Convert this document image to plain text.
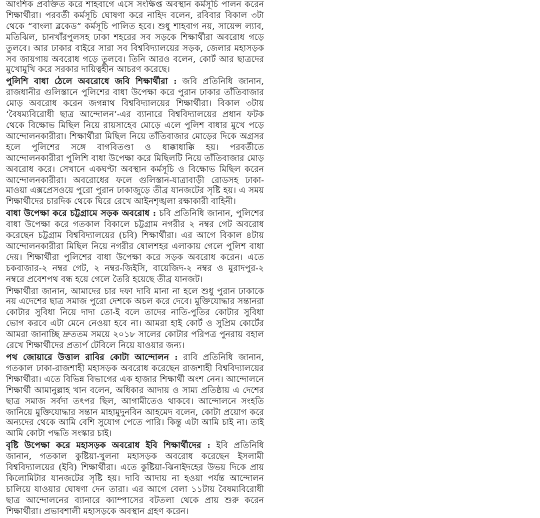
আংশিক প্রবক্তিত করে শাহবাগে এসে সংক্ষিপ্ত অবস্থান কর্মসূচি পালন করেন শিক্ষার্থীরা। পরবর্তী কর্মসূচি ঘোষণা করে নাহিদ বলেন, রবিবার বিকাল ৩টা থেকে “বাংলা ব্লকেড” কর্মসূচি পালিত হবে। শুধু শাহবাগ নয়, সায়েন্স ল্যাব, মতিঝিল, চানখাঁরপুলসহ ঢাকা শহরের সব সড়কে শিক্ষার্থীরা অবরোধ গড়ে তুলবে। আর ঢাকার বাইরে সারা সব বিশ্ববিদ্যালয়ের সড়ক, জেলার মহাসড়ক সব জায়গায় অবরোধ গড়ে তুলবে। তিনি আরও বলেন, কোর্ট আর ছাত্রদের মুখোমুখি করে সরকার দায়িত্বহীন আচরণ করেছে।

পুলিশি বাধা ঠেলে অবরোধে জবি শিক্ষার্থীরা : জবি প্রতিনিধি জানান, রাজধানীর গুলিস্তানে পুলিশের বাধা উপেক্ষা করে পুরান ঢাকার তাঁতিবাজার মোড় অবরোধ করেন জগন্নাথ বিশ্ববিদ্যালয়ের শিক্ষার্থীরা। বিকাল ৩টায় ‘বৈষম্যবিরোধী ছাত্র আন্দোলন’-এর ব্যানারে বিশ্ববিদ্যালয়ের প্রধান ফটক থেকে বিক্ষোভ মিছিল নিয়ে রায়সাহেব মোড়ে এলে পুলিশ বাধার মুখে পড়ে আন্দোলনকারীরা। শিক্ষার্থীরা মিছিল নিয়ে তাঁতিবাজার মোড়ের দিকে অগ্রসর হলে পুলিশের সঙ্গে বাগবিতণ্ডা ও ধাক্কাধাক্কি হয়। পরবর্তীতে আন্দোলনকারীরা পুলিশি বাধা উপেক্ষা করে মিছিলটি নিয়ে তাঁতিবাজার মোড় অবরোধ করে। সেখানে একঘণ্টা অবস্থান কর্মসূচি ও বিক্ষোভ মিছিল করেন আন্দোলনকারীরা। অবরোধের ফলে গুলিস্তান-যাত্রাবাড়ী রোডসহ ঢাকা-মাওয়া এক্সপ্রেসওয়ে পুরো পুরান ঢাকাজুড়ে তীব্র যানজটের সৃষ্টি হয়। এ সময় শিক্ষার্থীদের চারদিক থেকে ঘিরে রেখে আইনশৃঙ্খলা রক্ষাকারী বাহিনী।

বাধা উপেক্ষা করে চট্টগ্রামে সড়ক অবরোধ : চবি প্রতিনিধি জানান, পুলিশের বাধা উপেক্ষা করে গতকাল বিকালে চট্টগ্রাম নগরীর ২ নম্বর গেট অবরোধ করেছেন চট্টগ্রাম বিশ্ববিদ্যালয়ের (চবি) শিক্ষার্থীরা। এর আগে বিকাল ৪টায় আন্দোলনকারীরা মিছিল নিয়ে নগরীর ষোলশহর এলাকায় গেলে পুলিশ বাধা দেয়। শিক্ষার্থীরা পুলিশের বাধা উপেক্ষা করে সড়ক অবরোধ করেন। এতে চকবাজার-২ নম্বর গেট, ২ নম্বর-জিইসি, বায়েজিদ-২ নম্বর ও মুরাদপুর-২ নম্বরে প্রবেশপথ বন্ধ হয়ে গেলে তৈরি হয়েছে তীব্র যানজট।

শিক্ষার্থীরা জানান, আমাদের চার দফা দাবি মানা না হলে শুধু পুরান ঢাকাকে নয় এদেশের ছাত্র সমাজ পুরো দেশকে অচল করে দেবে। মুক্তিযোদ্ধার সন্তানরা কোটার সুবিধা নিয়ে দাদা তো-ই বলে তাদের নাতি-পুতির কোটার সুবিধা ভোগ করবে এটা মেনে নেওয়া হবে না। আমরা হাই কোর্ট ও সুপ্রিম কোর্টের আমরা জানাচ্ছি দ্রুততম সময়ে ২০১৮ সালের কোটার পরিপত্র পুনরায় বহাল রেখে শিক্ষার্থীদের প্রত্যর্প টেবিলে নিয়ে যাওয়ার জন্য।

পথ জোয়ারে উত্তাল রাবির কোটা আন্দোলন : রাবি প্রতিনিধি জানান, গতকাল ঢাকা-রাজশাহী মহাসড়ক অবরোধ করেছেন রাজশাহী বিশ্ববিদ্যালয়ের শিক্ষার্থীরা। এতে বিভিন্ন বিভাগের এক হাজার শিক্ষার্থী অংশ নেন। আন্দোলনে শিক্ষার্থী আমানুল্লাহ খান বলেন, অধিকার আদায় ও সাম্য প্রতিষ্ঠায় এ দেশের ছাত্র সমাজ সর্বদা তৎপর ছিল, আগামীতেও থাকবে। আন্দোলনে সংহতি জানিয়ে মুক্তিযোদ্ধার সন্তান মাহামুদুনবিন আহমেদ বলেন, কোটা প্রয়োগ করে অন্যদের থেকে আমি বেশি সুযোগ পেতে পারি। কিন্তু এটা আমি চাই না। তাই আমি কোটা পদ্ধতি সংস্কার চাই।

বৃষ্টি উপেক্ষা করে মহাসড়ক অবরোধ ইবি শিক্ষার্থীদের : ইবি প্রতিনিধি জানান, গতকাল কুষ্টিয়া-খুলনা মহাসড়ক অবরোধ করেছেন ইসলামী বিশ্ববিদ্যালয়ের (ইবি) শিক্ষার্থীরা। এতে কুষ্টিয়া-ঝিনাইদহের উভয় দিকে প্রায় কিলোমিটার যানজটের সৃষ্টি হয়। দাবি আদায় না হওয়া পর্যন্ত আন্দোলন চালিয়ে যাওয়ার ঘোষণা দেন তারা। এর আগে বেলা ১১টায় বৈষম্যবিরোধী ছাত্র আন্দোলনের ব্যানারে ক্যাম্পাসের বটতলা থেকে প্রায় শুরু করেন শিক্ষার্থীরা। প্রভাবশালী মহাসড়কে অবস্থান গ্রহণ করেন।
